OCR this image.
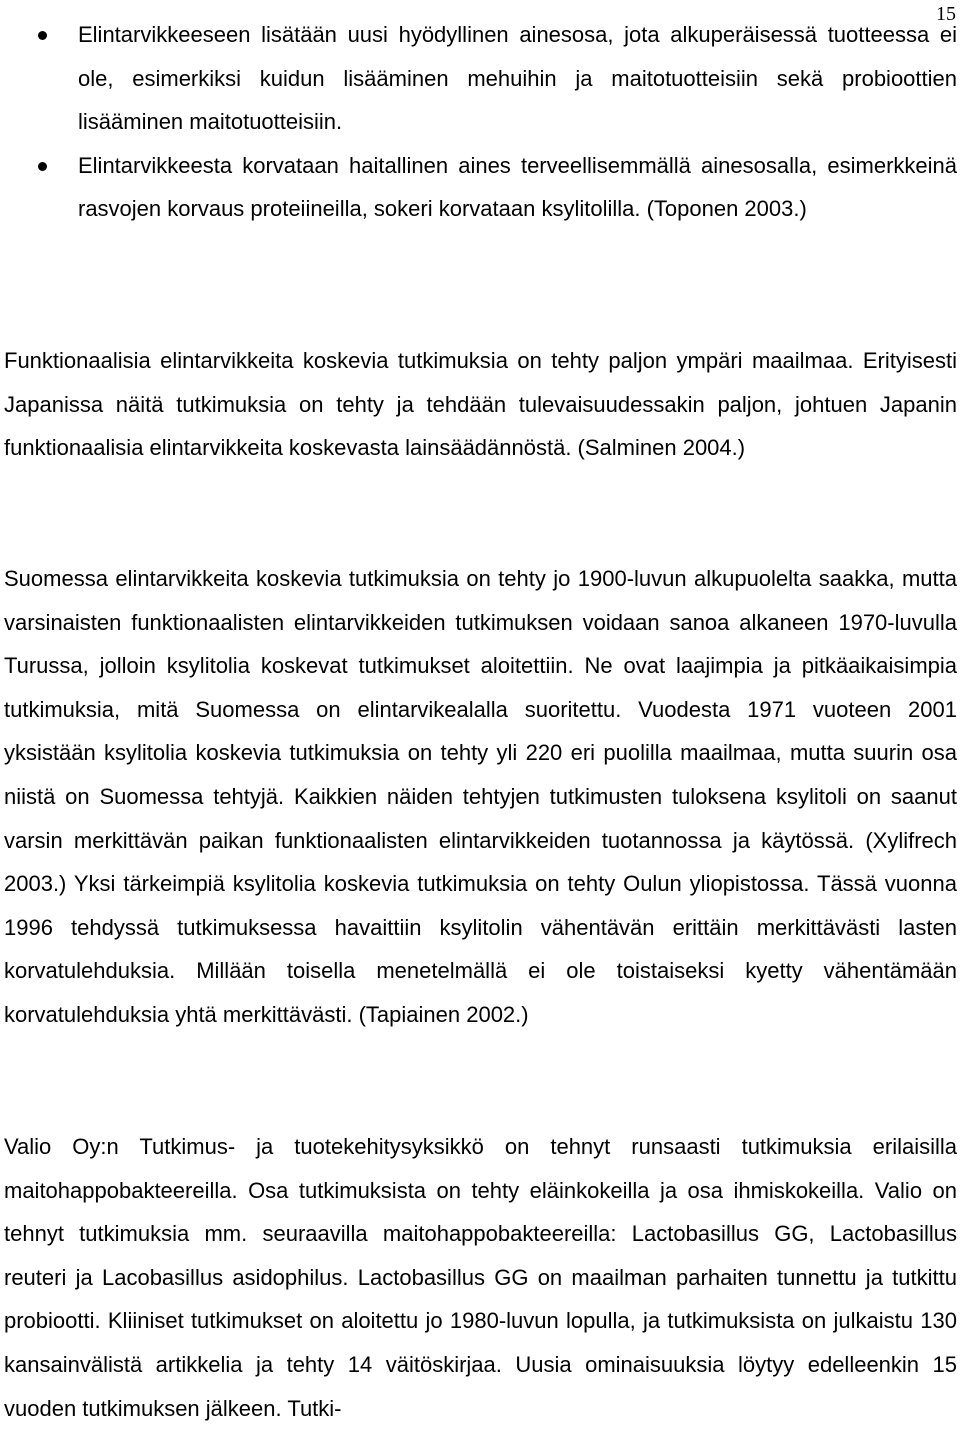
15
Elintarvikkeeseen lisätään uusi hyödyllinen ainesosa, jota alkuperäisessä tuotteessa ei ole, esimerkiksi kuidun lisääminen mehuihin ja maitotuotteisiin sekä probioottien lisääminen maitotuotteisiin.
Elintarvikkeesta korvataan haitallinen aines terveellisemmällä ainesosalla, esimerkkeinä rasvojen korvaus proteiineilla, sokeri korvataan ksylitolilla. (Toponen 2003.)

Funktionaalisia elintarvikkeita koskevia tutkimuksia on tehty paljon ympäri maailmaa. Erityisesti Japanissa näitä tutkimuksia on tehty ja tehdään tulevaisuudessakin paljon, johtuen Japanin funktionaalisia elintarvikkeita koskevasta lainsäädännöstä. (Salminen 2004.)

Suomessa elintarvikkeita koskevia tutkimuksia on tehty jo 1900-luvun alkupuolelta saakka, mutta varsinaisten funktionaalisten elintarvikkeiden tutkimuksen voidaan sanoa alkaneen 1970-luvulla Turussa, jolloin ksylitolia koskevat tutkimukset aloitettiin. Ne ovat laajimpia ja pitkäaikaisimpia tutkimuksia, mitä Suomessa on elintarvikealalla suoritettu. Vuodesta 1971 vuoteen 2001 yksistään ksylitolia koskevia tutkimuksia on tehty yli 220 eri puolilla maailmaa, mutta suurin osa niistä on Suomessa tehtyjä. Kaikkien näiden tehtyjen tutkimusten tuloksena ksylitoli on saanut varsin merkittävän paikan funktionaalisten elintarvikkeiden tuotannossa ja käytössä. (Xylifrech 2003.) Yksi tärkeimpiä ksylitolia koskevia tutkimuksia on tehty Oulun yliopistossa. Tässä vuonna 1996 tehdyssä tutkimuksessa havaittiin ksylitolin vähentävän erittäin merkittävästi lasten korvatulehduksia. Millään toisella menetelmällä ei ole toistaiseksi kyetty vähentämään korvatulehduksia yhtä merkittävästi. (Tapiainen 2002.)

Valio Oy:n Tutkimus- ja tuotekehitysyksikkö on tehnyt runsaasti tutkimuksia erilaisilla maitohappobakteereilla. Osa tutkimuksista on tehty eläinkokeilla ja osa ihmiskokeilla. Valio on tehnyt tutkimuksia mm. seuraavilla maitohappobakteereilla: Lactobasillus GG, Lactobasillus reuteri ja Lacobasillus asidophilus. Lactobasillus GG on maailman parhaiten tunnettu ja tutkittu probiootti. Kliiniset tutkimukset on aloitettu jo 1980-luvun lopulla, ja tutkimuksista on julkaistu 130 kansainvälistä artikkelia ja tehty 14 väitöskirjaa. Uusia ominaisuuksia löytyy edelleenkin 15 vuoden tutkimuksen jälkeen. Tutki-
